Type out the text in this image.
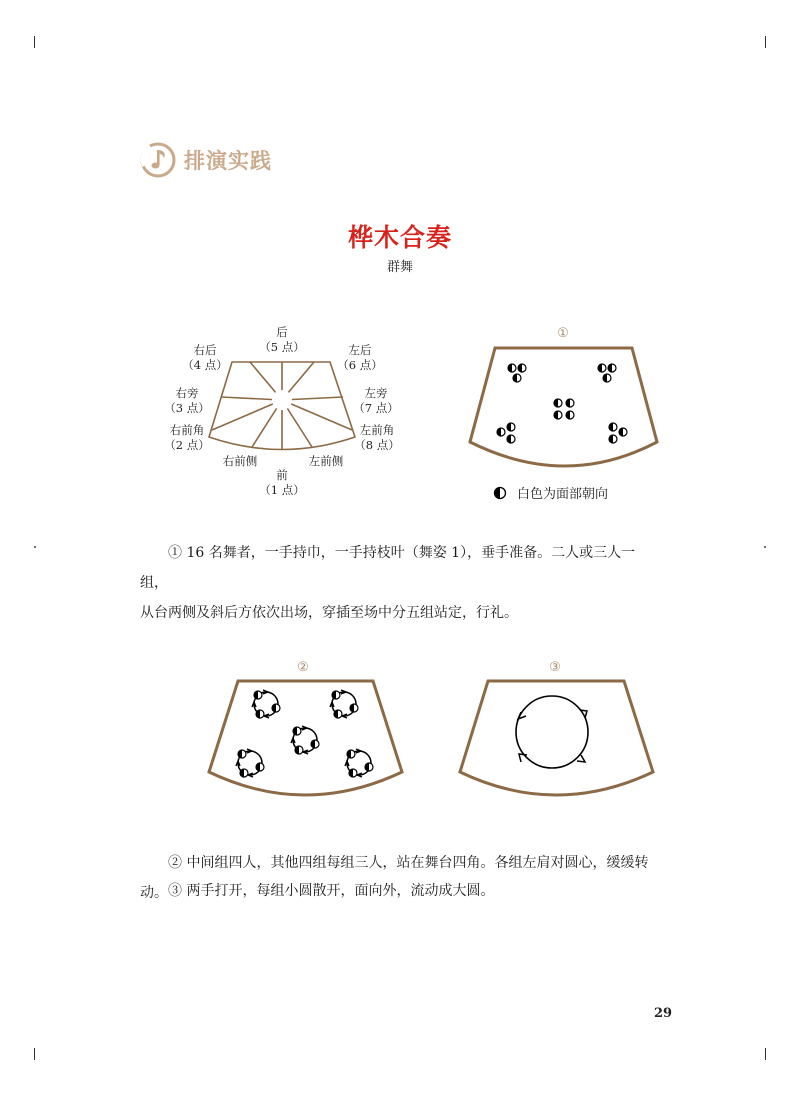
排演实践
桦木合奏
群舞
后
（5 点）
右后
（4 点）
左后
（6 点）
右旁
（3 点）
左旁
（7 点）
右前角
（2 点）
左前角
（8 点）
右前侧	左前侧
前
（1 点）
①
②	③
白色为面部朝向
① 16 名舞者，一手持巾，一手持枝叶（舞姿 1），垂手准备。二人或三人一组，
从台两侧及斜后方依次出场，穿插至场中分五组站定，行礼。
② 中间组四人，其他四组每组三人，站在舞台四角。各组左肩对圆心，缓缓转动。 ③ 两手打开，每组小圆散开，面向外，流动成大圆。
29
